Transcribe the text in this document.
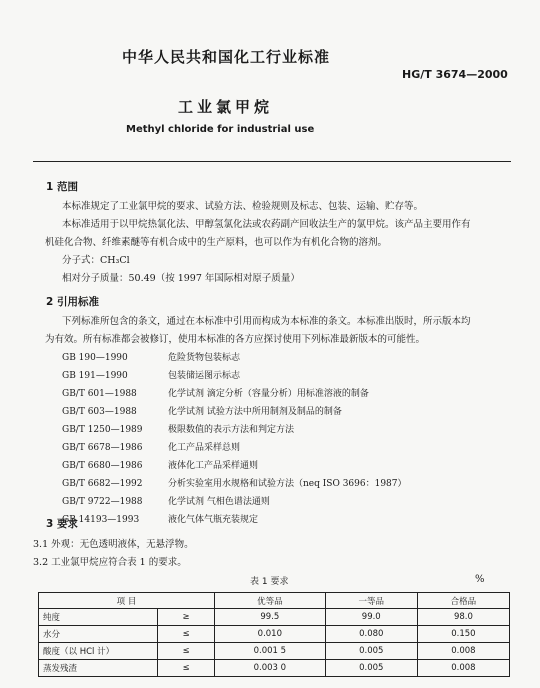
中华人民共和国化工行业标准
HG/T 3674—2000
工业氯甲烷
Methyl chloride for industrial use
1 范围
本标准规定了工业氯甲烷的要求、试验方法、检验规则及标志、包装、运输、贮存等。
本标准适用于以甲烷热氯化法、甲醇氢氯化法或农药副产回收法生产的氯甲烷。该产品主要用作有
机硅化合物、纤维素醚等有机合成中的生产原料，也可以作为有机化合物的溶剂。
分子式：CH₃Cl
相对分子质量：50.49（按 1997 年国际相对原子质量）
2 引用标准
下列标准所包含的条文，通过在本标准中引用而构成为本标准的条文。本标准出版时，所示版本均
为有效。所有标准都会被修订，使用本标准的各方应探讨使用下列标准最新版本的可能性。
GB 190—1990	危险货物包装标志
GB 191—1990	包装储运图示标志
GB/T 601—1988	化学试剂 滴定分析（容量分析）用标准溶液的制备
GB/T 603—1988	化学试剂 试验方法中所用制剂及制品的制备
GB/T 1250—1989	极限数值的表示方法和判定方法
GB/T 6678—1986	化工产品采样总则
GB/T 6680—1986	液体化工产品采样通则
GB/T 6682—1992	分析实验室用水规格和试验方法（neq ISO 3696：1987）
GB/T 9722—1988	化学试剂 气相色谱法通则
GB 14193—1993	液化气体气瓶充装规定
3 要求
3.1 外观：无色透明液体，无悬浮物。
3.2 工业氯甲烷应符合表 1 的要求。
表 1 要求	%
项 目		优等品	一等品	合格品
纯度	≥	99.5	99.0	98.0
水分	≤	0.010	0.080	0.150
酸度（以 HCl 计）	≤	0.001 5	0.005	0.008
蒸发残渣	≤	0.003 0	0.005	0.008
